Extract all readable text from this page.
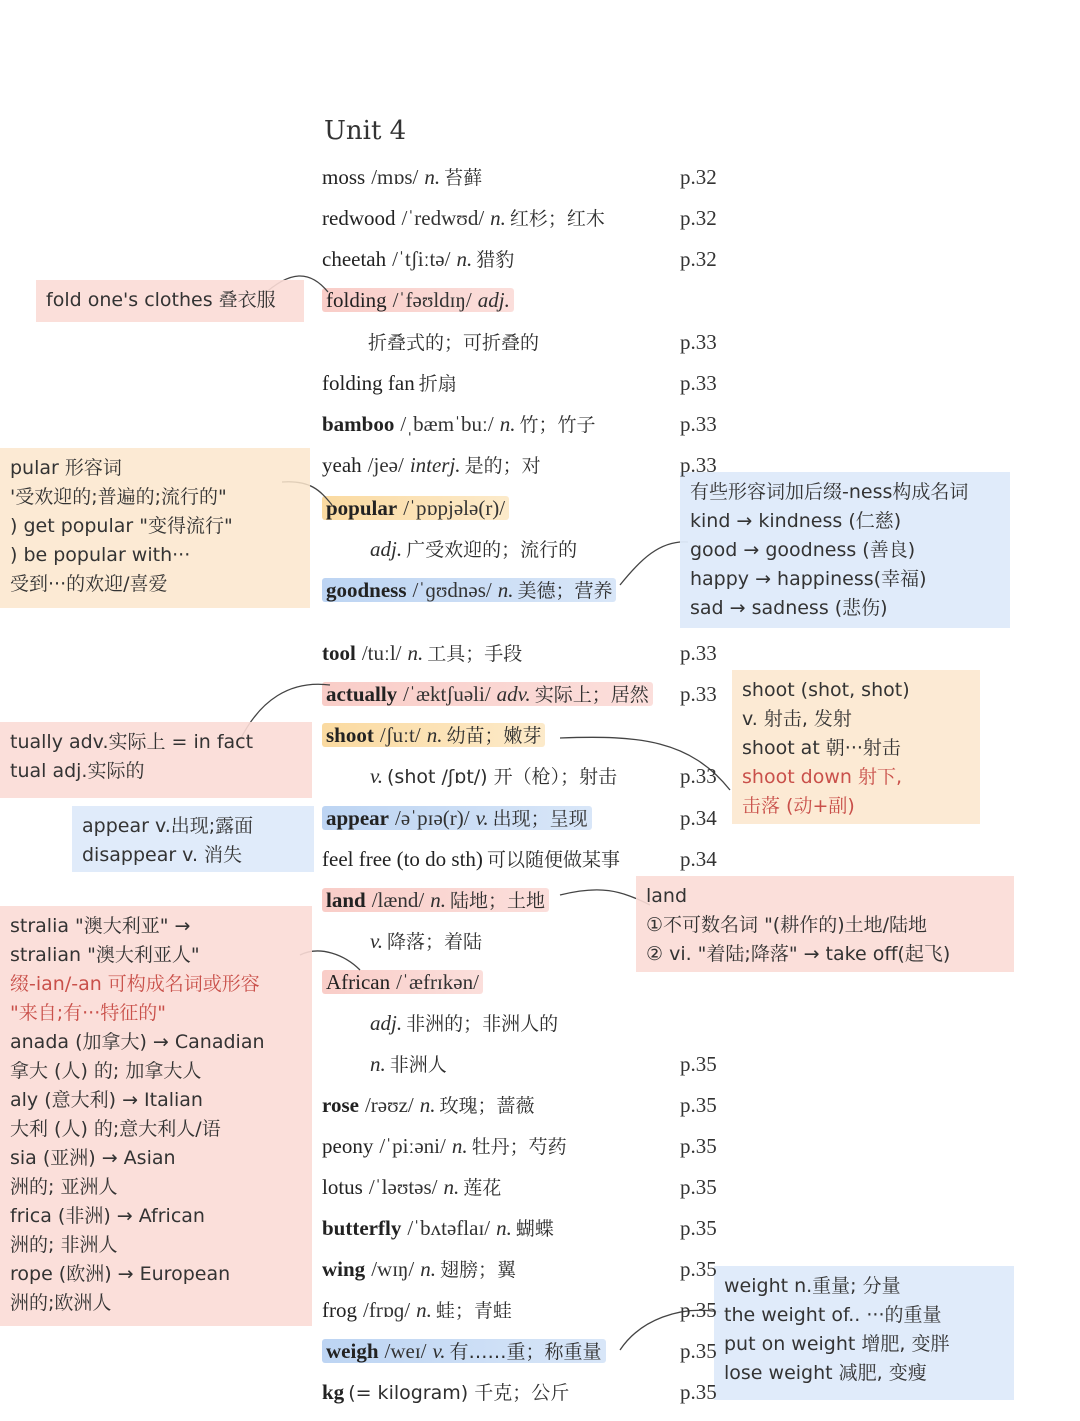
Unit 4
moss /mɒs/ n. 苔藓
redwood /ˈredwʊd/ n. 红杉；红木
cheetah /ˈtʃiːtə/ n. 猎豹
folding /ˈfəʊldɪŋ/ adj.
折叠式的；可折叠的
folding fan 折扇
bamboo /ˌbæmˈbuː/ n. 竹；竹子
yeah /jeə/ interj. 是的；对
popular /ˈpɒpjələ(r)/
adj. 广受欢迎的；流行的
goodness /ˈɡʊdnəs/ n. 美德；营养
tool /tuːl/ n. 工具；手段
actually /ˈæktʃuəli/ adv. 实际上；居然
shoot /ʃuːt/ n. 幼苗；嫩芽
v. (shot /ʃɒt/) 开（枪）；射击
appear /əˈpɪə(r)/ v. 出现；呈现
feel free (to do sth) 可以随便做某事
land /lænd/ n. 陆地；土地
v. 降落；着陆
African /ˈæfrɪkən/
adj. 非洲的；非洲人的
n. 非洲人
rose /rəʊz/ n. 玫瑰；蔷薇
peony /ˈpiːəni/ n. 牡丹；芍药
lotus /ˈləʊtəs/ n. 莲花
butterfly /ˈbʌtəflaɪ/ n. 蝴蝶
wing /wɪŋ/ n. 翅膀；翼
frog /frɒɡ/ n. 蛙；青蛙
weigh /weɪ/ v. 有……重；称重量
kg (= kilogram) 千克；公斤
fold one's clothes 叠衣服
pular 形容词
'受欢迎的;普遍的;流行的"
) get popular "变得流行"
) be popular with···
受到···的欢迎/喜爱
有些形容词加后缀-ness构成名词
kind → kindness (仁慈)
good → goodness (善良)
happy → happiness(幸福)
sad → sadness (悲伤)
shoot (shot, shot)
v. 射击, 发射
shoot at 朝···射击
shoot down 射下,
击落 (动+副)
tually adv.实际上 = in fact
tual adj.实际的
appear v.出现;露面
disappear v. 消失
land
①不可数名词 "(耕作的)土地/陆地
② vi. "着陆;降落" → take off(起飞)
stralia "澳大利亚" →
stralian "澳大利亚人"
缀-ian/-an 可构成名词或形容
"来自;有···特征的"
anada (加拿大) → Canadian
拿大 (人) 的; 加拿大人
aly (意大利) → Italian
大利 (人) 的;意大利人/语
sia (亚洲) → Asian
洲的; 亚洲人
frica (非洲) → African
洲的; 非洲人
rope (欧洲) → European
洲的;欧洲人
weight n.重量; 分量
the weight of.. ···的重量
put on weight 增肥, 变胖
lose weight 减肥, 变瘦
p.32
p.32
p.32
p.33
p.33
p.33
p.33
p.33
p.33
p.33
p.34
p.34
p.35
p.35
p.35
p.35
p.35
p.35
p.35
p.35
p.35
